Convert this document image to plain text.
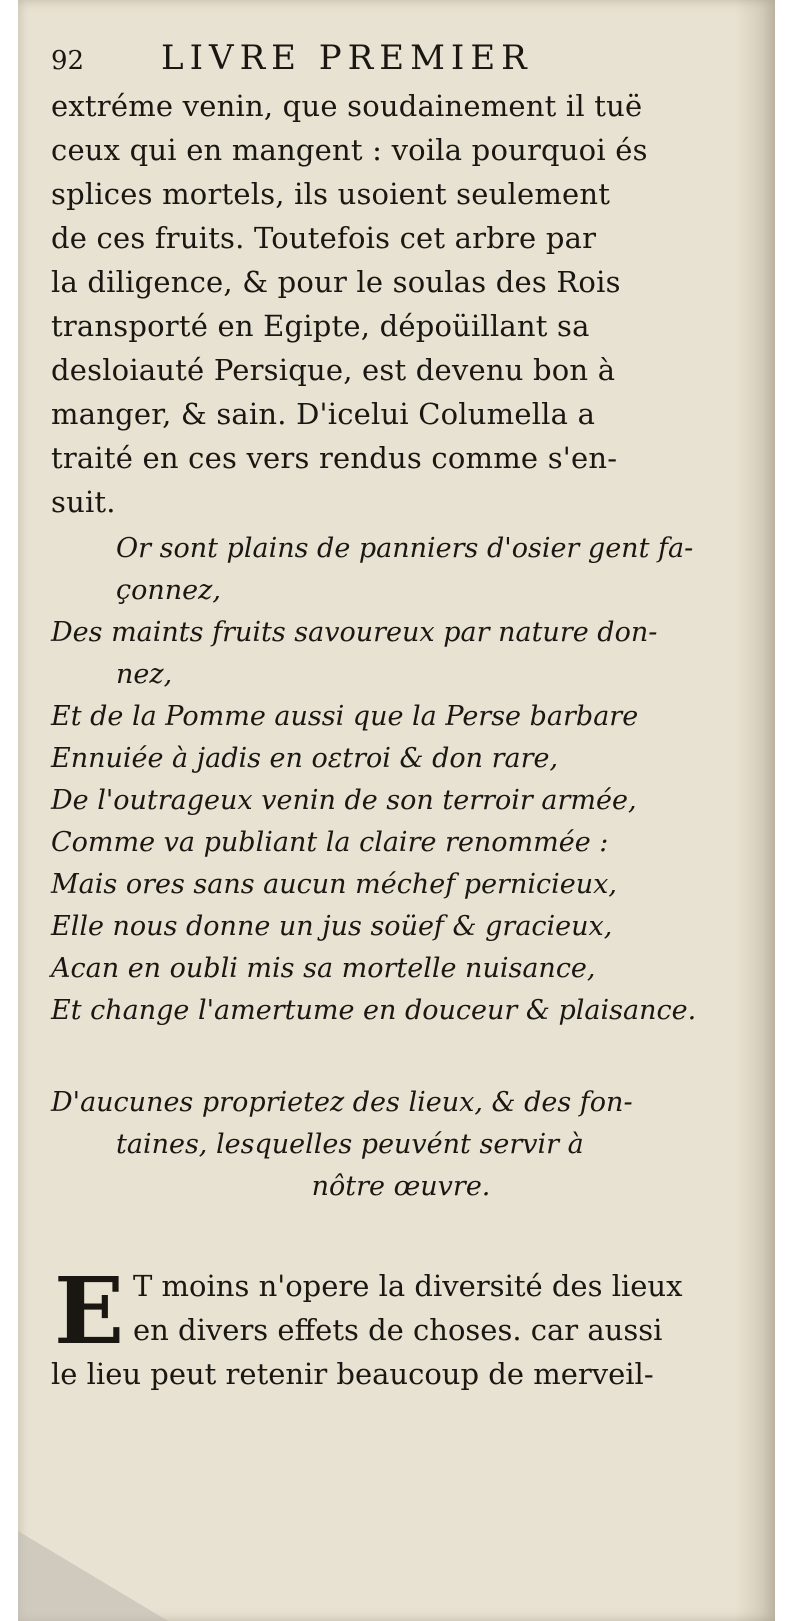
92	LIVRE PREMIER
extréme venin, que soudainement il tuë
ceux qui en mangent : voila pourquoi és
splices mortels, ils usoient seulement
de ces fruits. Toutefois cet arbre par
la diligence, & pour le soulas des Rois
transporté en Egipte, dépoüillant sa
desloiauté Persique, est devenu bon à
manger, & sain. D'icelui Columella a
traité en ces vers rendus comme s'en-
suit.
Or sont plains de panniers d'osier gent fa-
çonnez,
Des maints fruits savoureux par nature don-
nez,
Et de la Pomme aussi que la Perse barbare
Ennuiée à jadis en oɛtroi & don rare,
De l'outrageux venin de son terroir armée,
Comme va publiant la claire renommée :
Mais ores sans aucun méchef pernicieux,
Elle nous donne un jus soüef & gracieux,
Acan en oubli mis sa mortelle nuisance,
Et change l'amertume en douceur & plaisance.
D'aucunes proprietez des lieux, & des fon-
taines, lesquelles peuvént servir à
nôtre œuvre.
E T moins n'opere la diversité des lieux
en divers effets de choses. car aussi
le lieu peut retenir beaucoup de merveil-
